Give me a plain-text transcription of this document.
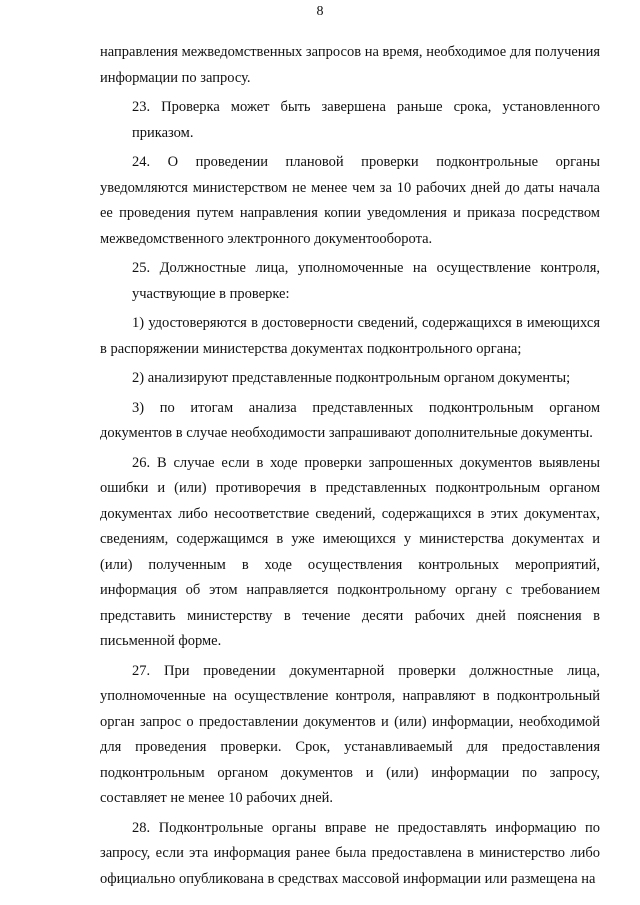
8

направления межведомственных запросов на время, необходимое для получения информации по запросу.

23. Проверка может быть завершена раньше срока, установленного приказом.

24. О проведении плановой проверки подконтрольные органы уведомляются министерством не менее чем за 10 рабочих дней до даты начала ее проведения путем направления копии уведомления и приказа посредством межведомственного электронного документооборота.

25. Должностные лица, уполномоченные на осуществление контроля, участвующие в проверке:

1) удостоверяются в достоверности сведений, содержащихся в имеющихся в распоряжении министерства документах подконтрольного органа;

2) анализируют представленные подконтрольным органом документы;

3) по итогам анализа представленных подконтрольным органом документов в случае необходимости запрашивают дополнительные документы.

26. В случае если в ходе проверки запрошенных документов выявлены ошибки и (или) противоречия в представленных подконтрольным органом документах либо несоответствие сведений, содержащихся в этих документах, сведениям, содержащимся в уже имеющихся у министерства документах и (или) полученным в ходе осуществления контрольных мероприятий, информация об этом направляется подконтрольному органу с требованием представить министерству в течение десяти рабочих дней пояснения в письменной форме.

27. При проведении документарной проверки должностные лица, уполномоченные на осуществление контроля, направляют в подконтрольный орган запрос о предоставлении документов и (или) информации, необходимой для проведения проверки. Срок, устанавливаемый для предоставления подконтрольным органом документов и (или) информации по запросу, составляет не менее 10 рабочих дней.

28. Подконтрольные органы вправе не предоставлять информацию по запросу, если эта информация ранее была предоставлена в министерство либо официально опубликована в средствах массовой информации или размещена на
